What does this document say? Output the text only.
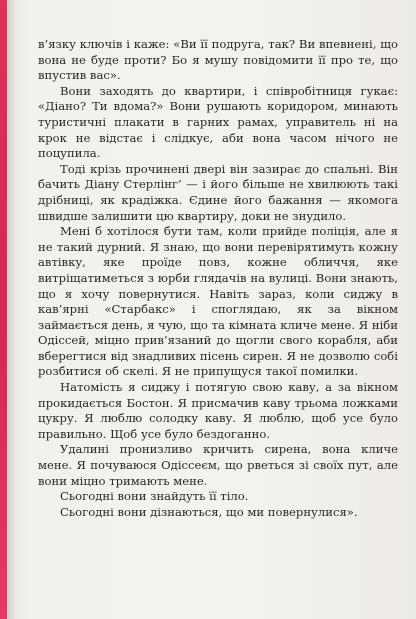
в’язку ключів і каже: «Ви її подруга, так? Ви впевнені, що вона не буде проти? Бо я мушу повідомити її про те, що впустив вас».

Вони заходять до квартири, і співробітниця гукає: «Діано? Ти вдома?» Вони рушають коридором, минають туристичні плакати в гарних рамах, управитель ні на крок не відстає і слідкує, аби вона часом нічого не поцупила.

Тоді крізь прочинені двері він зазирає до спальні. Він бачить Діану Стерлінг’ — і його більше не хвилюють такі дрібниці, як крадіжка. Єдине його бажання — якомога швидше залишити цю квартиру, доки не знудило.

Мені б хотілося бути там, коли прийде поліція, але я не такий дурний. Я знаю, що вони перевірятимуть кожну автівку, яке проїде повз, кожне обличчя, яке витріщатиметься з юрби глядачів на вулиці. Вони знають, що я хочу повернутися. Навіть зараз, коли сиджу в кав’ярні «Старбакс» і споглядаю, як за вікном займається день, я чую, що та кімната кличе мене. Я ніби Одіссей, міцно прив’язаний до щогли свого корабля, аби вберегтися від знадливих пісень сирен. Я не дозволю собі розбитися об скелі. Я не припущуся такої помилки.

Натомість я сиджу і потягую свою каву, а за вікном прокидається Бостон. Я присмачив каву трьома ложками цукру. Я люблю солодку каву. Я люблю, щоб усе було правильно. Щоб усе було бездоганно.

Удалині пронизливо кричить сирена, вона кличе мене. Я почуваюся Одіссеєм, що рветься зі своїх пут, але вони міцно тримають мене.

Сьогодні вони знайдуть її тіло.

Сьогодні вони дізнаються, що ми повернулися».
